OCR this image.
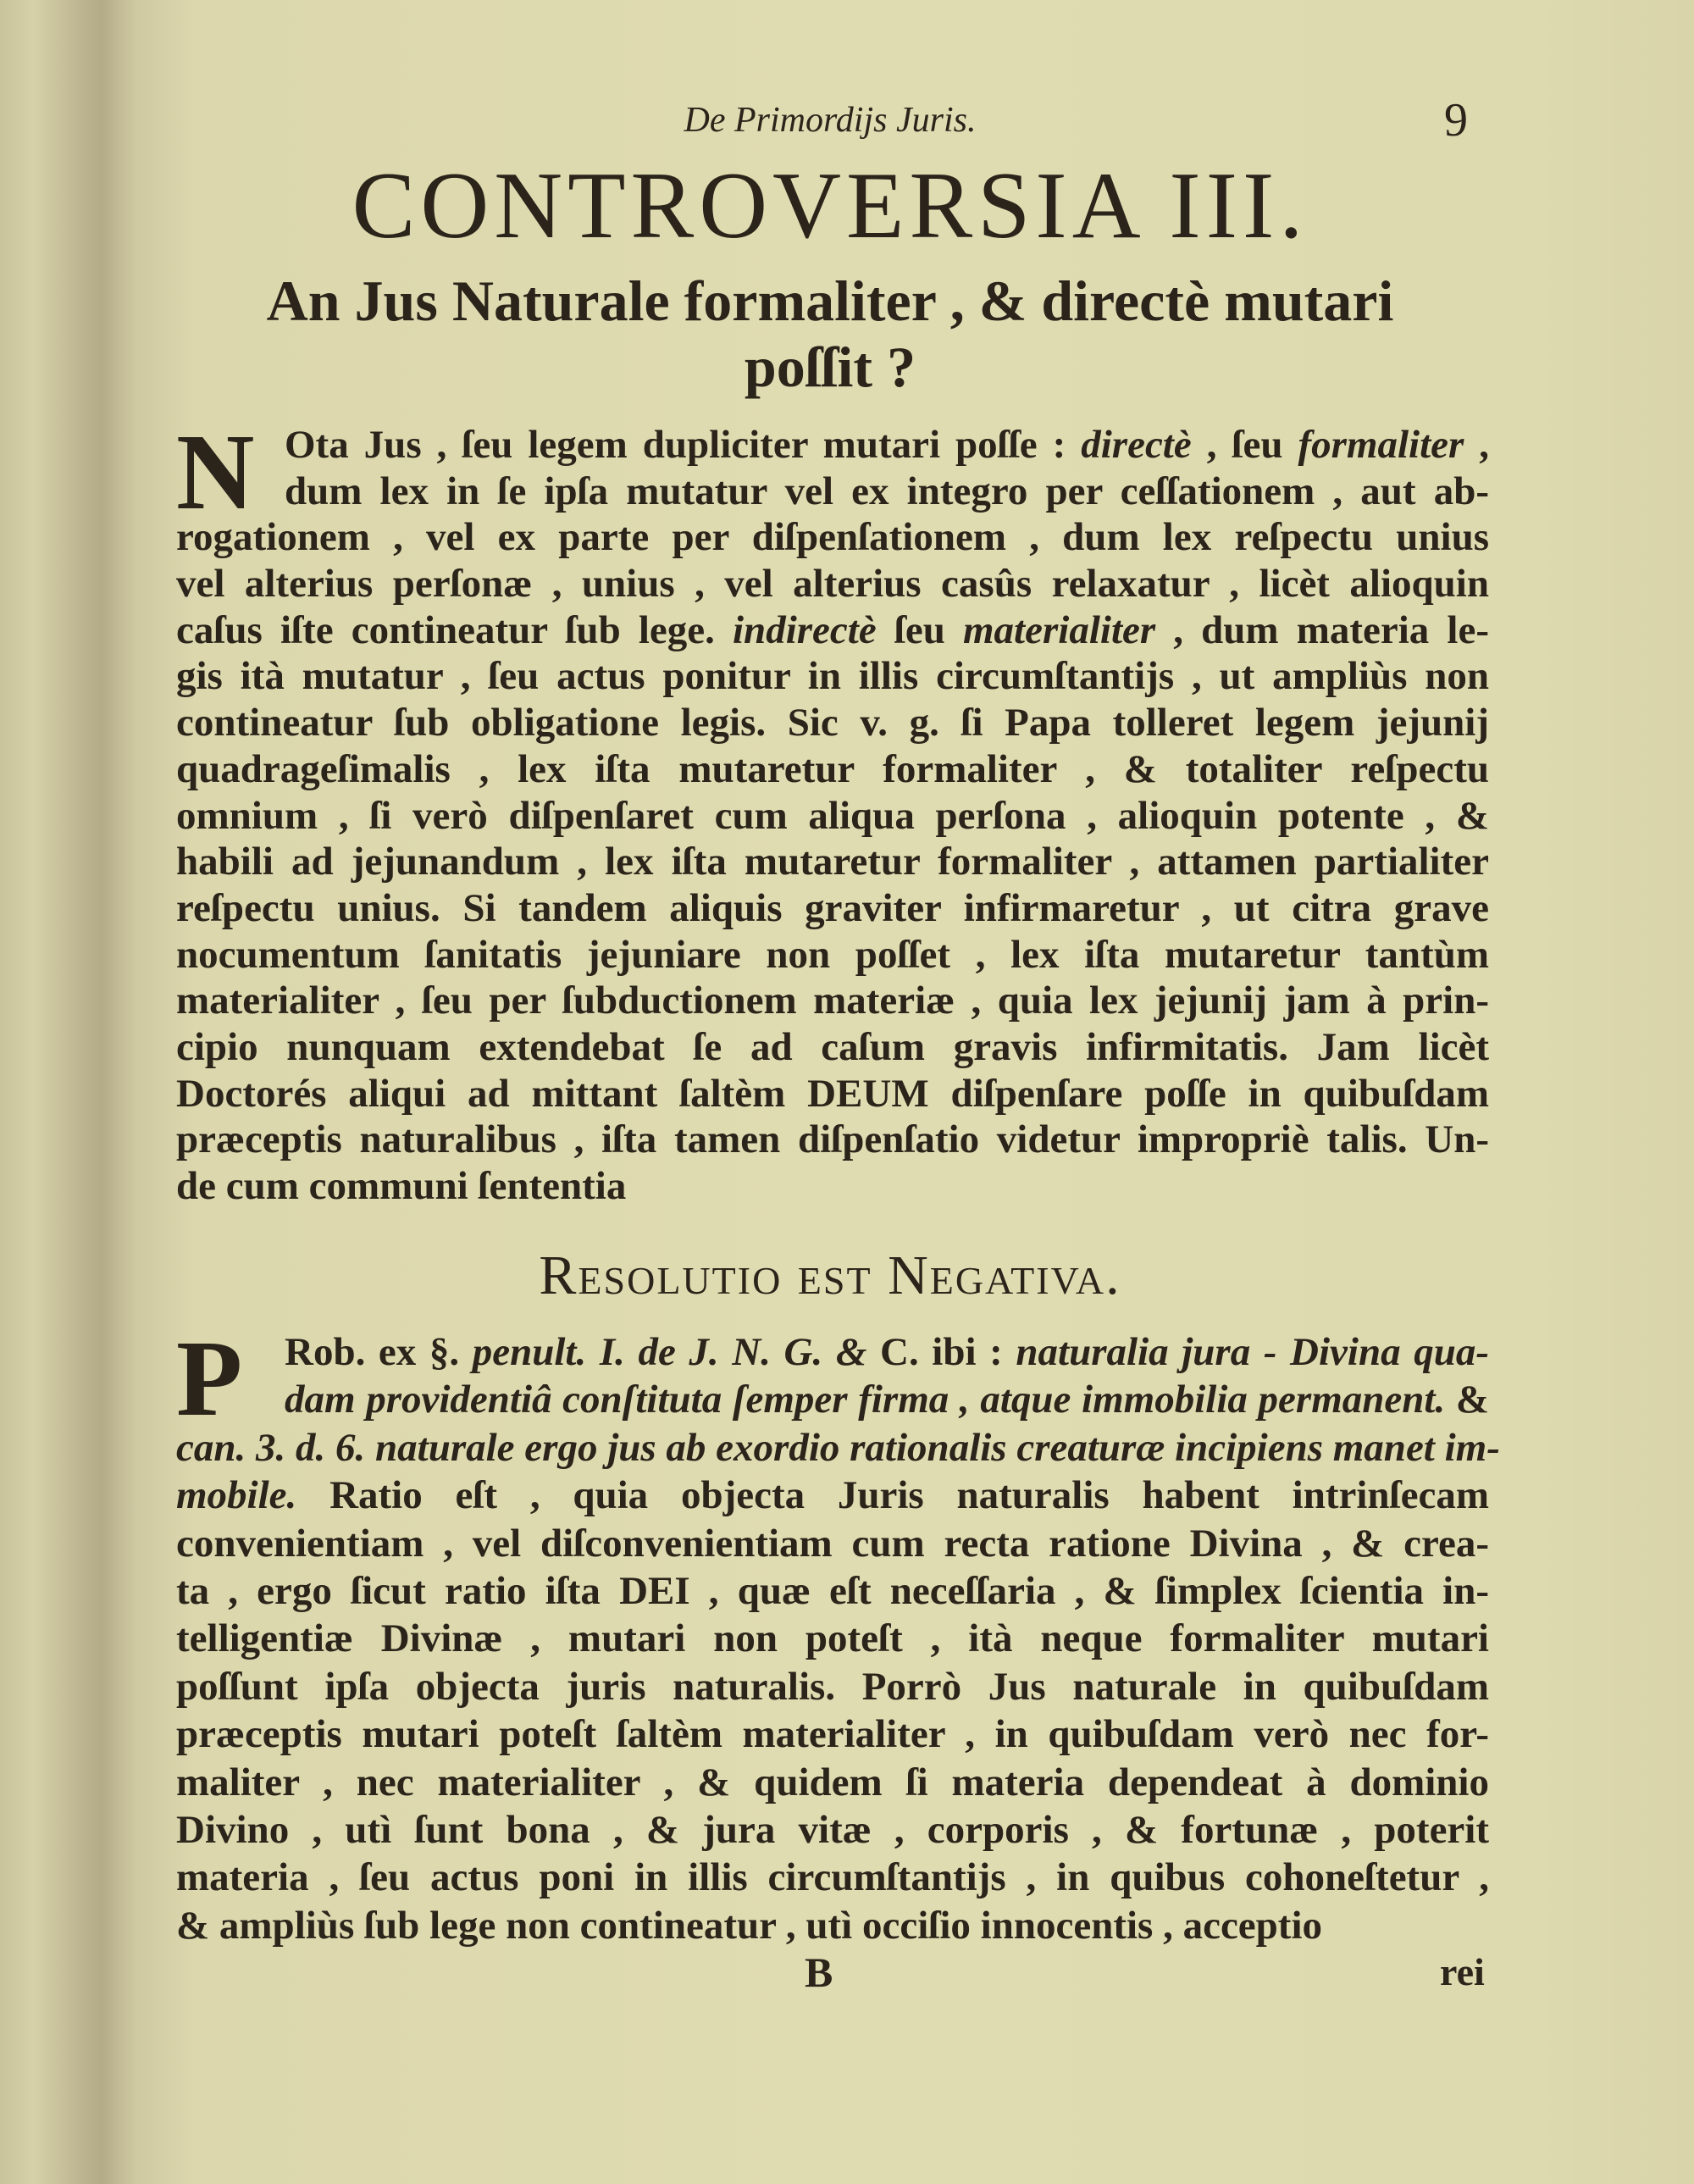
De Primordijs Juris.	9
CONTROVERSIA III.
An Jus Naturale formaliter , & directè mutari
poſſit ?
N Ota Jus , ſeu legem dupliciter mutari poſſe : directè , ſeu formaliter ,
dum lex in ſe ipſa mutatur vel ex integro per ceſſationem , aut ab-
rogationem , vel ex parte per diſpenſationem , dum lex reſpectu unius
vel alterius perſonæ , unius , vel alterius casûs relaxatur , licèt alioquin
caſus iſte contineatur ſub lege. indirectè ſeu materialiter , dum materia le-
gis ità mutatur , ſeu actus ponitur in illis circumſtantijs , ut ampliùs non
contineatur ſub obligatione legis. Sic v. g. ſi Papa tolleret legem jejunij
quadrageſimalis , lex iſta mutaretur formaliter , & totaliter reſpectu
omnium , ſi verò diſpenſaret cum aliqua perſona , alioquin potente , &
habili ad jejunandum , lex iſta mutaretur formaliter , attamen partialiter
reſpectu unius. Si tandem aliquis graviter infirmaretur , ut citra grave
nocumentum ſanitatis jejuniare non poſſet , lex iſta mutaretur tantùm
materialiter , ſeu per ſubductionem materiæ , quia lex jejunij jam à prin-
cipio nunquam extendebat ſe ad caſum gravis infirmitatis. Jam licèt
Doctorés aliqui ad mittant ſaltèm DEUM diſpenſare poſſe in quibuſdam
præceptis naturalibus , iſta tamen diſpenſatio videtur impropriè talis. Un-
de cum communi ſententia
Resolutio est Negativa.
P	Rob. ex §. penult. I. de J. N. G. & C. ibi : naturalia jura - Divina qua-
dam providentiâ conſtituta ſemper firma , atque immobilia permanent. &
can. 3. d. 6. naturale ergo jus ab exordio rationalis creaturæ incipiens manet im-
mobile. Ratio eſt , quia objecta Juris naturalis habent intrinſecam
convenientiam , vel diſconvenientiam cum recta ratione Divina , & crea-
ta , ergo ſicut ratio iſta DEI , quæ eſt neceſſaria , & ſimplex ſcientia in-
telligentiæ Divinæ , mutari non poteſt , ità neque formaliter mutari
poſſunt ipſa objecta juris naturalis. Porrò Jus naturale in quibuſdam
præceptis mutari poteſt ſaltèm materialiter , in quibuſdam verò nec for-
maliter , nec materialiter , & quidem ſi materia dependeat à dominio
Divino , utì ſunt bona , & jura vitæ , corporis , & fortunæ , poterit
materia , ſeu actus poni in illis circumſtantijs , in quibus cohoneſtetur ,
& ampliùs ſub lege non contineatur , utì occiſio innocentis , acceptio
B	rei
